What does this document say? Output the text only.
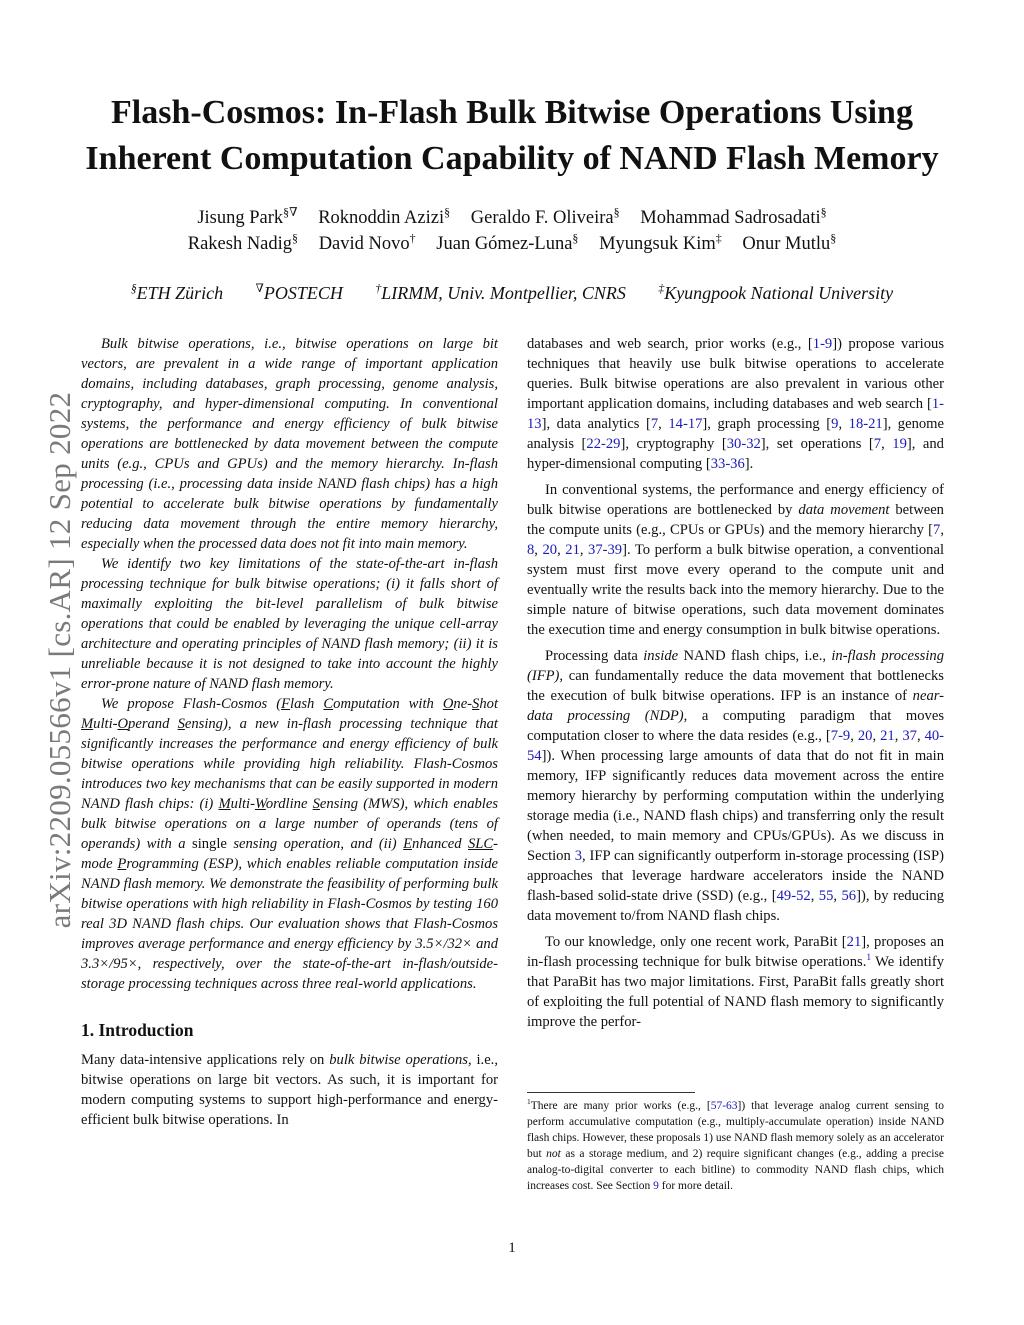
Flash-Cosmos: In-Flash Bulk Bitwise Operations Using
Inherent Computation Capability of NAND Flash Memory
Jisung Park§∇ Roknoddin Azizi§ Geraldo F. Oliveira§ Mohammad Sadrosadati§
Rakesh Nadig§ David Novo† Juan Gómez-Luna§ Myungsuk Kim‡ Onur Mutlu§
§ETH Zürich	∇POSTECH	†LIRMM, Univ. Montpellier, CNRS	‡Kyungpook National University
arXiv:2209.05566v1 [cs.AR] 12 Sep 2022

Bulk bitwise operations, i.e., bitwise operations on large bit vectors, are prevalent in a wide range of important application domains, including databases, graph processing, genome analysis, cryptography, and hyper-dimensional computing. In conventional systems, the performance and energy efficiency of bulk bitwise operations are bottlenecked by data movement between the compute units (e.g., CPUs and GPUs) and the memory hierarchy. In-flash processing (i.e., processing data inside NAND flash chips) has a high potential to accelerate bulk bitwise operations by fundamentally reducing data movement through the entire memory hierarchy, especially when the processed data does not fit into main memory.

We identify two key limitations of the state-of-the-art in-flash processing technique for bulk bitwise operations; (i) it falls short of maximally exploiting the bit-level parallelism of bulk bitwise operations that could be enabled by leveraging the unique cell-array architecture and operating principles of NAND flash memory; (ii) it is unreliable because it is not designed to take into account the highly error-prone nature of NAND flash memory.

We propose Flash-Cosmos (Flash Computation with One-Shot Multi-Operand Sensing), a new in-flash processing technique that significantly increases the performance and energy efficiency of bulk bitwise operations while providing high reliability. Flash-Cosmos introduces two key mechanisms that can be easily supported in modern NAND flash chips: (i) Multi-Wordline Sensing (MWS), which enables bulk bitwise operations on a large number of operands (tens of operands) with a single sensing operation, and (ii) Enhanced SLC-mode Programming (ESP), which enables reliable computation inside NAND flash memory. We demonstrate the feasibility of performing bulk bitwise operations with high reliability in Flash-Cosmos by testing 160 real 3D NAND flash chips. Our evaluation shows that Flash-Cosmos improves average performance and energy efficiency by 3.5×/32× and 3.3×/95×, respectively, over the state-of-the-art in-flash/outside-storage processing techniques across three real-world applications.

1. Introduction

Many data-intensive applications rely on bulk bitwise operations, i.e., bitwise operations on large bit vectors. As such, it is important for modern computing systems to support high-performance and energy-efficient bulk bitwise operations. In

databases and web search, prior works (e.g., [1-9]) propose various techniques that heavily use bulk bitwise operations to accelerate queries. Bulk bitwise operations are also prevalent in various other important application domains, including databases and web search [1-13], data analytics [7, 14-17], graph processing [9, 18-21], genome analysis [22-29], cryptography [30-32], set operations [7, 19], and hyper-dimensional computing [33-36].

In conventional systems, the performance and energy efficiency of bulk bitwise operations are bottlenecked by data movement between the compute units (e.g., CPUs or GPUs) and the memory hierarchy [7, 8, 20, 21, 37-39]. To perform a bulk bitwise operation, a conventional system must first move every operand to the compute unit and eventually write the results back into the memory hierarchy. Due to the simple nature of bitwise operations, such data movement dominates the execution time and energy consumption in bulk bitwise operations.

Processing data inside NAND flash chips, i.e., in-flash processing (IFP), can fundamentally reduce the data movement that bottlenecks the execution of bulk bitwise operations. IFP is an instance of near-data processing (NDP), a computing paradigm that moves computation closer to where the data resides (e.g., [7-9, 20, 21, 37, 40-54]). When processing large amounts of data that do not fit in main memory, IFP significantly reduces data movement across the entire memory hierarchy by performing computation within the underlying storage media (i.e., NAND flash chips) and transferring only the result (when needed, to main memory and CPUs/GPUs). As we discuss in Section 3, IFP can significantly outperform in-storage processing (ISP) approaches that leverage hardware accelerators inside the NAND flash-based solid-state drive (SSD) (e.g., [49-52, 55, 56]), by reducing data movement to/from NAND flash chips.

To our knowledge, only one recent work, ParaBit [21], proposes an in-flash processing technique for bulk bitwise operations.$^1$ We identify that ParaBit has two major limitations. First, ParaBit falls greatly short of exploiting the full potential of NAND flash memory to significantly improve the perfor-

$^1$There are many prior works (e.g., [57-63]) that leverage analog current sensing to perform accumulative computation (e.g., multiply-accumulate operation) inside NAND flash chips. However, these proposals 1) use NAND flash memory solely as an accelerator but not as a storage medium, and 2) require significant changes (e.g., adding a precise analog-to-digital converter to each bitline) to commodity NAND flash chips, which increases cost. See Section 9 for more detail.
1
